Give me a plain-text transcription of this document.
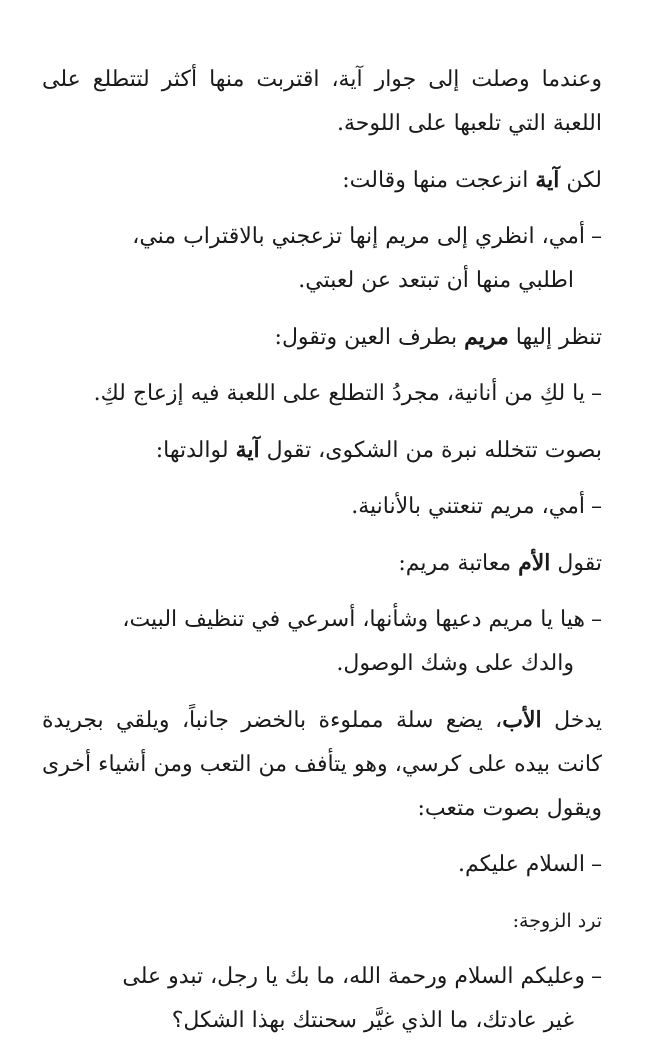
وعندما وصلت إلى جوار آية، اقتربت منها أكثر لتتطلع على اللعبة التي تلعبها على اللوحة.

لكن آية انزعجت منها وقالت:

–أمي، انظري إلى مريم إنها تزعجني بالاقتراب مني،
اطلبي منها أن تبتعد عن لعبتي.

تنظر إليها مريم بطرف العين وتقول:

–يا لكِ من أنانية، مجردُ التطلع على اللعبة فيه إزعاج لكِ.

بصوت تتخلله نبرة من الشكوى، تقول آية لوالدتها:

–أمي، مريم تنعتني بالأنانية.

تقول الأم معاتبة مريم:

–هيا يا مريم دعيها وشأنها، أسرعي في تنظيف البيت،
والدك على وشك الوصول.

يدخل الأب، يضع سلة مملوءة بالخضر جانباً، ويلقي بجريدة كانت بيده على كرسي، وهو يتأفف من التعب ومن أشياء أخرى ويقول بصوت متعب:

–السلام عليكم.

ترد الزوجة:

–وعليكم السلام ورحمة الله، ما بك يا رجل، تبدو على
غير عادتك، ما الذي غيَّر سحنتك بهذا الشكل؟
